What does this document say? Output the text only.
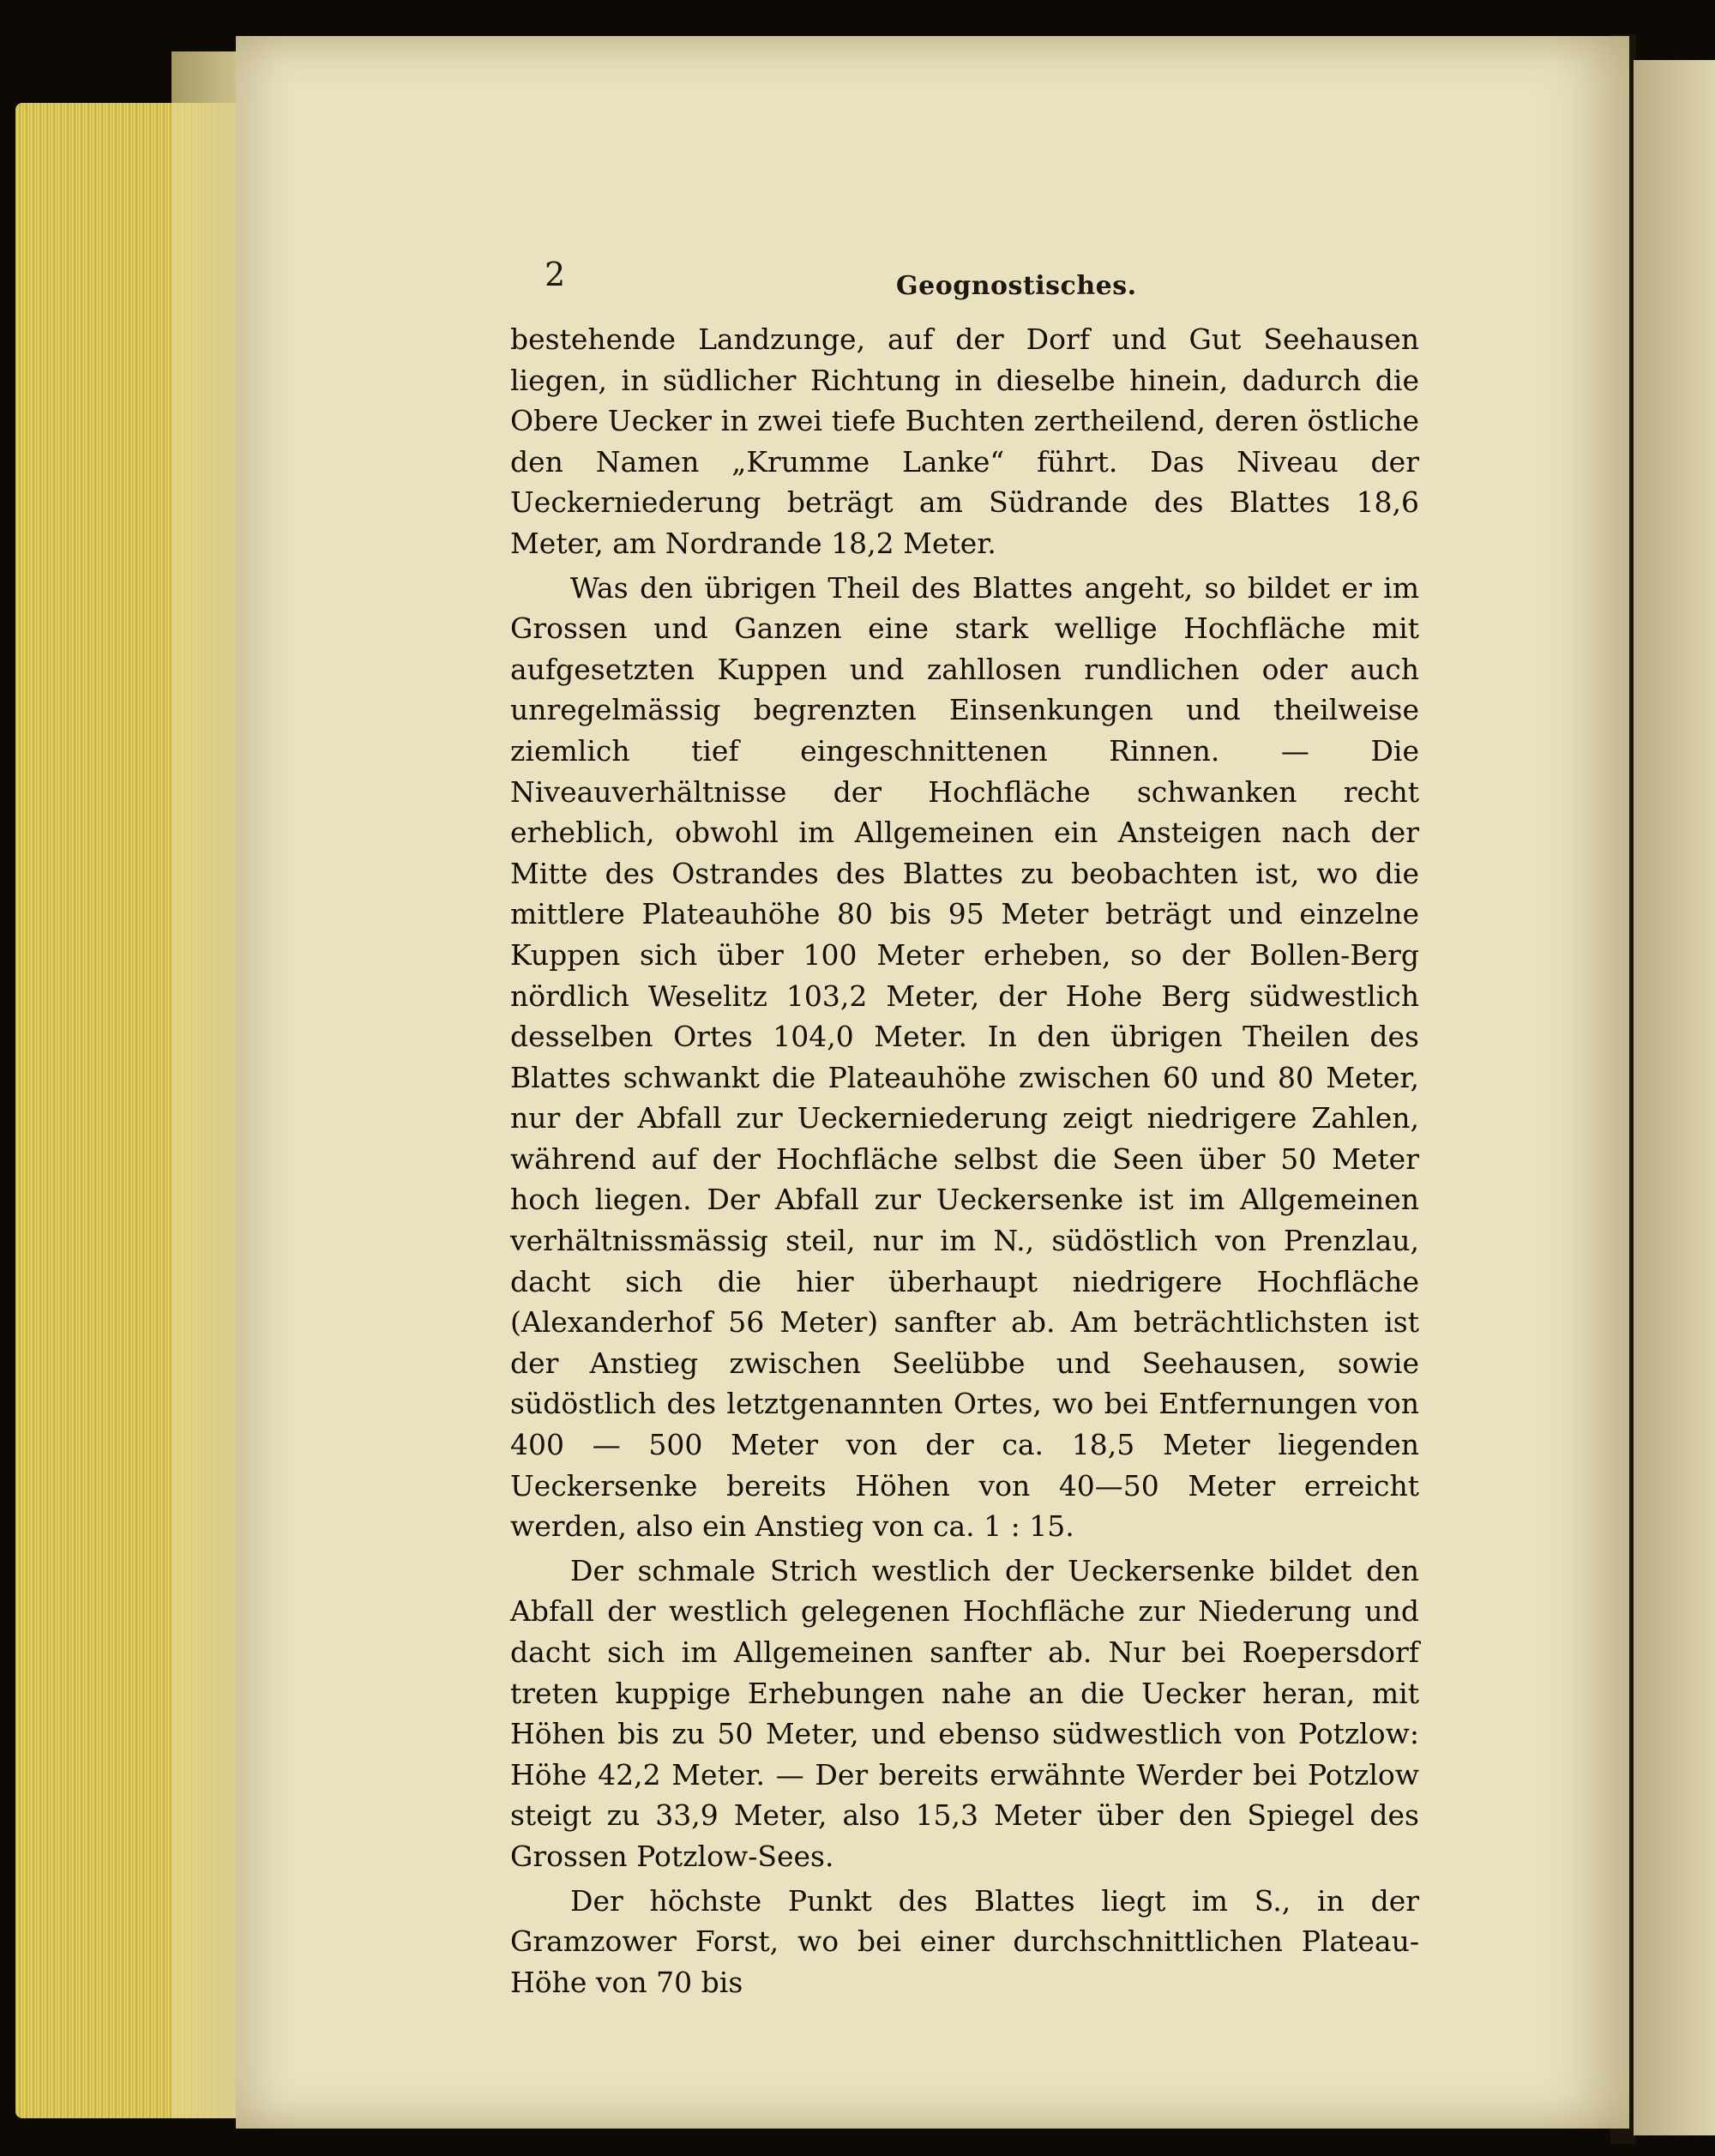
2	Geognostisches.

bestehende Landzunge, auf der Dorf und Gut Seehausen liegen, in südlicher Richtung in dieselbe hinein, dadurch die Obere Uecker in zwei tiefe Buchten zertheilend, deren östliche den Namen „Krumme Lanke“ führt. Das Niveau der Ueckerniederung beträgt am Südrande des Blattes 18,6 Meter, am Nordrande 18,2 Meter.

Was den übrigen Theil des Blattes angeht, so bildet er im Grossen und Ganzen eine stark wellige Hochfläche mit aufgesetzten Kuppen und zahllosen rundlichen oder auch unregelmässig begrenzten Einsenkungen und theilweise ziemlich tief eingeschnittenen Rinnen. — Die Niveauverhältnisse der Hochfläche schwanken recht erheblich, obwohl im Allgemeinen ein Ansteigen nach der Mitte des Ostrandes des Blattes zu beobachten ist, wo die mittlere Plateauhöhe 80 bis 95 Meter beträgt und einzelne Kuppen sich über 100 Meter erheben, so der Bollen-Berg nördlich Weselitz 103,2 Meter, der Hohe Berg südwestlich desselben Ortes 104,0 Meter. In den übrigen Theilen des Blattes schwankt die Plateauhöhe zwischen 60 und 80 Meter, nur der Abfall zur Ueckerniederung zeigt niedrigere Zahlen, während auf der Hochfläche selbst die Seen über 50 Meter hoch liegen. Der Abfall zur Ueckersenke ist im Allgemeinen verhältnissmässig steil, nur im N., südöstlich von Prenzlau, dacht sich die hier überhaupt niedrigere Hochfläche (Alexanderhof 56 Meter) sanfter ab. Am beträchtlichsten ist der Anstieg zwischen Seelübbe und Seehausen, sowie südöstlich des letztgenannten Ortes, wo bei Entfernungen von 400 — 500 Meter von der ca. 18,5 Meter liegenden Ueckersenke bereits Höhen von 40—50 Meter erreicht werden, also ein Anstieg von ca. 1 : 15.

Der schmale Strich westlich der Ueckersenke bildet den Abfall der westlich gelegenen Hochfläche zur Niederung und dacht sich im Allgemeinen sanfter ab. Nur bei Roepersdorf treten kuppige Erhebungen nahe an die Uecker heran, mit Höhen bis zu 50 Meter, und ebenso südwestlich von Potzlow: Höhe 42,2 Meter. — Der bereits erwähnte Werder bei Potzlow steigt zu 33,9 Meter, also 15,3 Meter über den Spiegel des Grossen Potzlow-Sees.

Der höchste Punkt des Blattes liegt im S., in der Gramzower Forst, wo bei einer durchschnittlichen Plateau-Höhe von 70 bis
